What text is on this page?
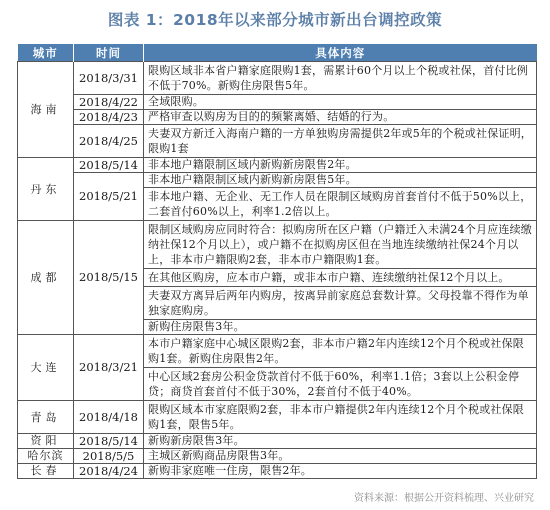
图表 1：2018年以来部分城市新出台调控政策
城市	时间	具体内容
海南	2018/3/31	限购区域非本省户籍家庭限购1套，需累计60个月以上个税或社保，首付比例不低于70%。新购住房限售5年。
	2018/4/22	全域限购。
	2018/4/23	严格审查以购房为目的的频繁离婚、结婚的行为。
	2018/4/25	夫妻双方新迁入海南户籍的一方单独购房需提供2年或5年的个税或社保证明，限购1套
丹东	2018/5/14	非本地户籍限制区域内新购新房限售2年。
	2018/5/21	非本地户籍限制区域内新购新房限售5年。
		非本地户籍、无企业、无工作人员在限制区域购房首套首付不低于50%以上，二套首付60%以上，利率1.2倍以上。
成都	2018/5/15	限制区域购房应同时符合：拟购房所在区户籍（户籍迁入未满24个月应连续缴纳社保12个月以上），或户籍不在拟购房区但在当地连续缴纳社保24个月以上，非本市户籍限购2套，非本市户籍限购1套。
		在其他区购房，应本市户籍，或非本市户籍、连续缴纳社保12个月以上。
		夫妻双方离异后两年内购房，按离异前家庭总套数计算。父母投靠不得作为单独家庭购房。
		新购住房限售3年。
大连	2018/3/21	本市户籍家庭中心城区限购2套，非本市户籍2年内连续12个月个税或社保限购1套。新购住房限售2年。
		中心区域2套房公积金贷款首付不低于60%，利率1.1倍；3套以上公积金停贷；商贷首套首付不低于30%，2套首付不低于40%。
青岛	2018/4/18	限购区域本市家庭限购2套，非本市户籍提供2年内连续12个月个税或社保限购1套，限售5年。
资阳	2018/5/14	新购新房限售3年。
哈尔滨	2018/5/5	主城区新购商品房限售3年。
长春	2018/4/24	新购非家庭唯一住房，限售2年。
资料来源：根据公开资料梳理、兴业研究
